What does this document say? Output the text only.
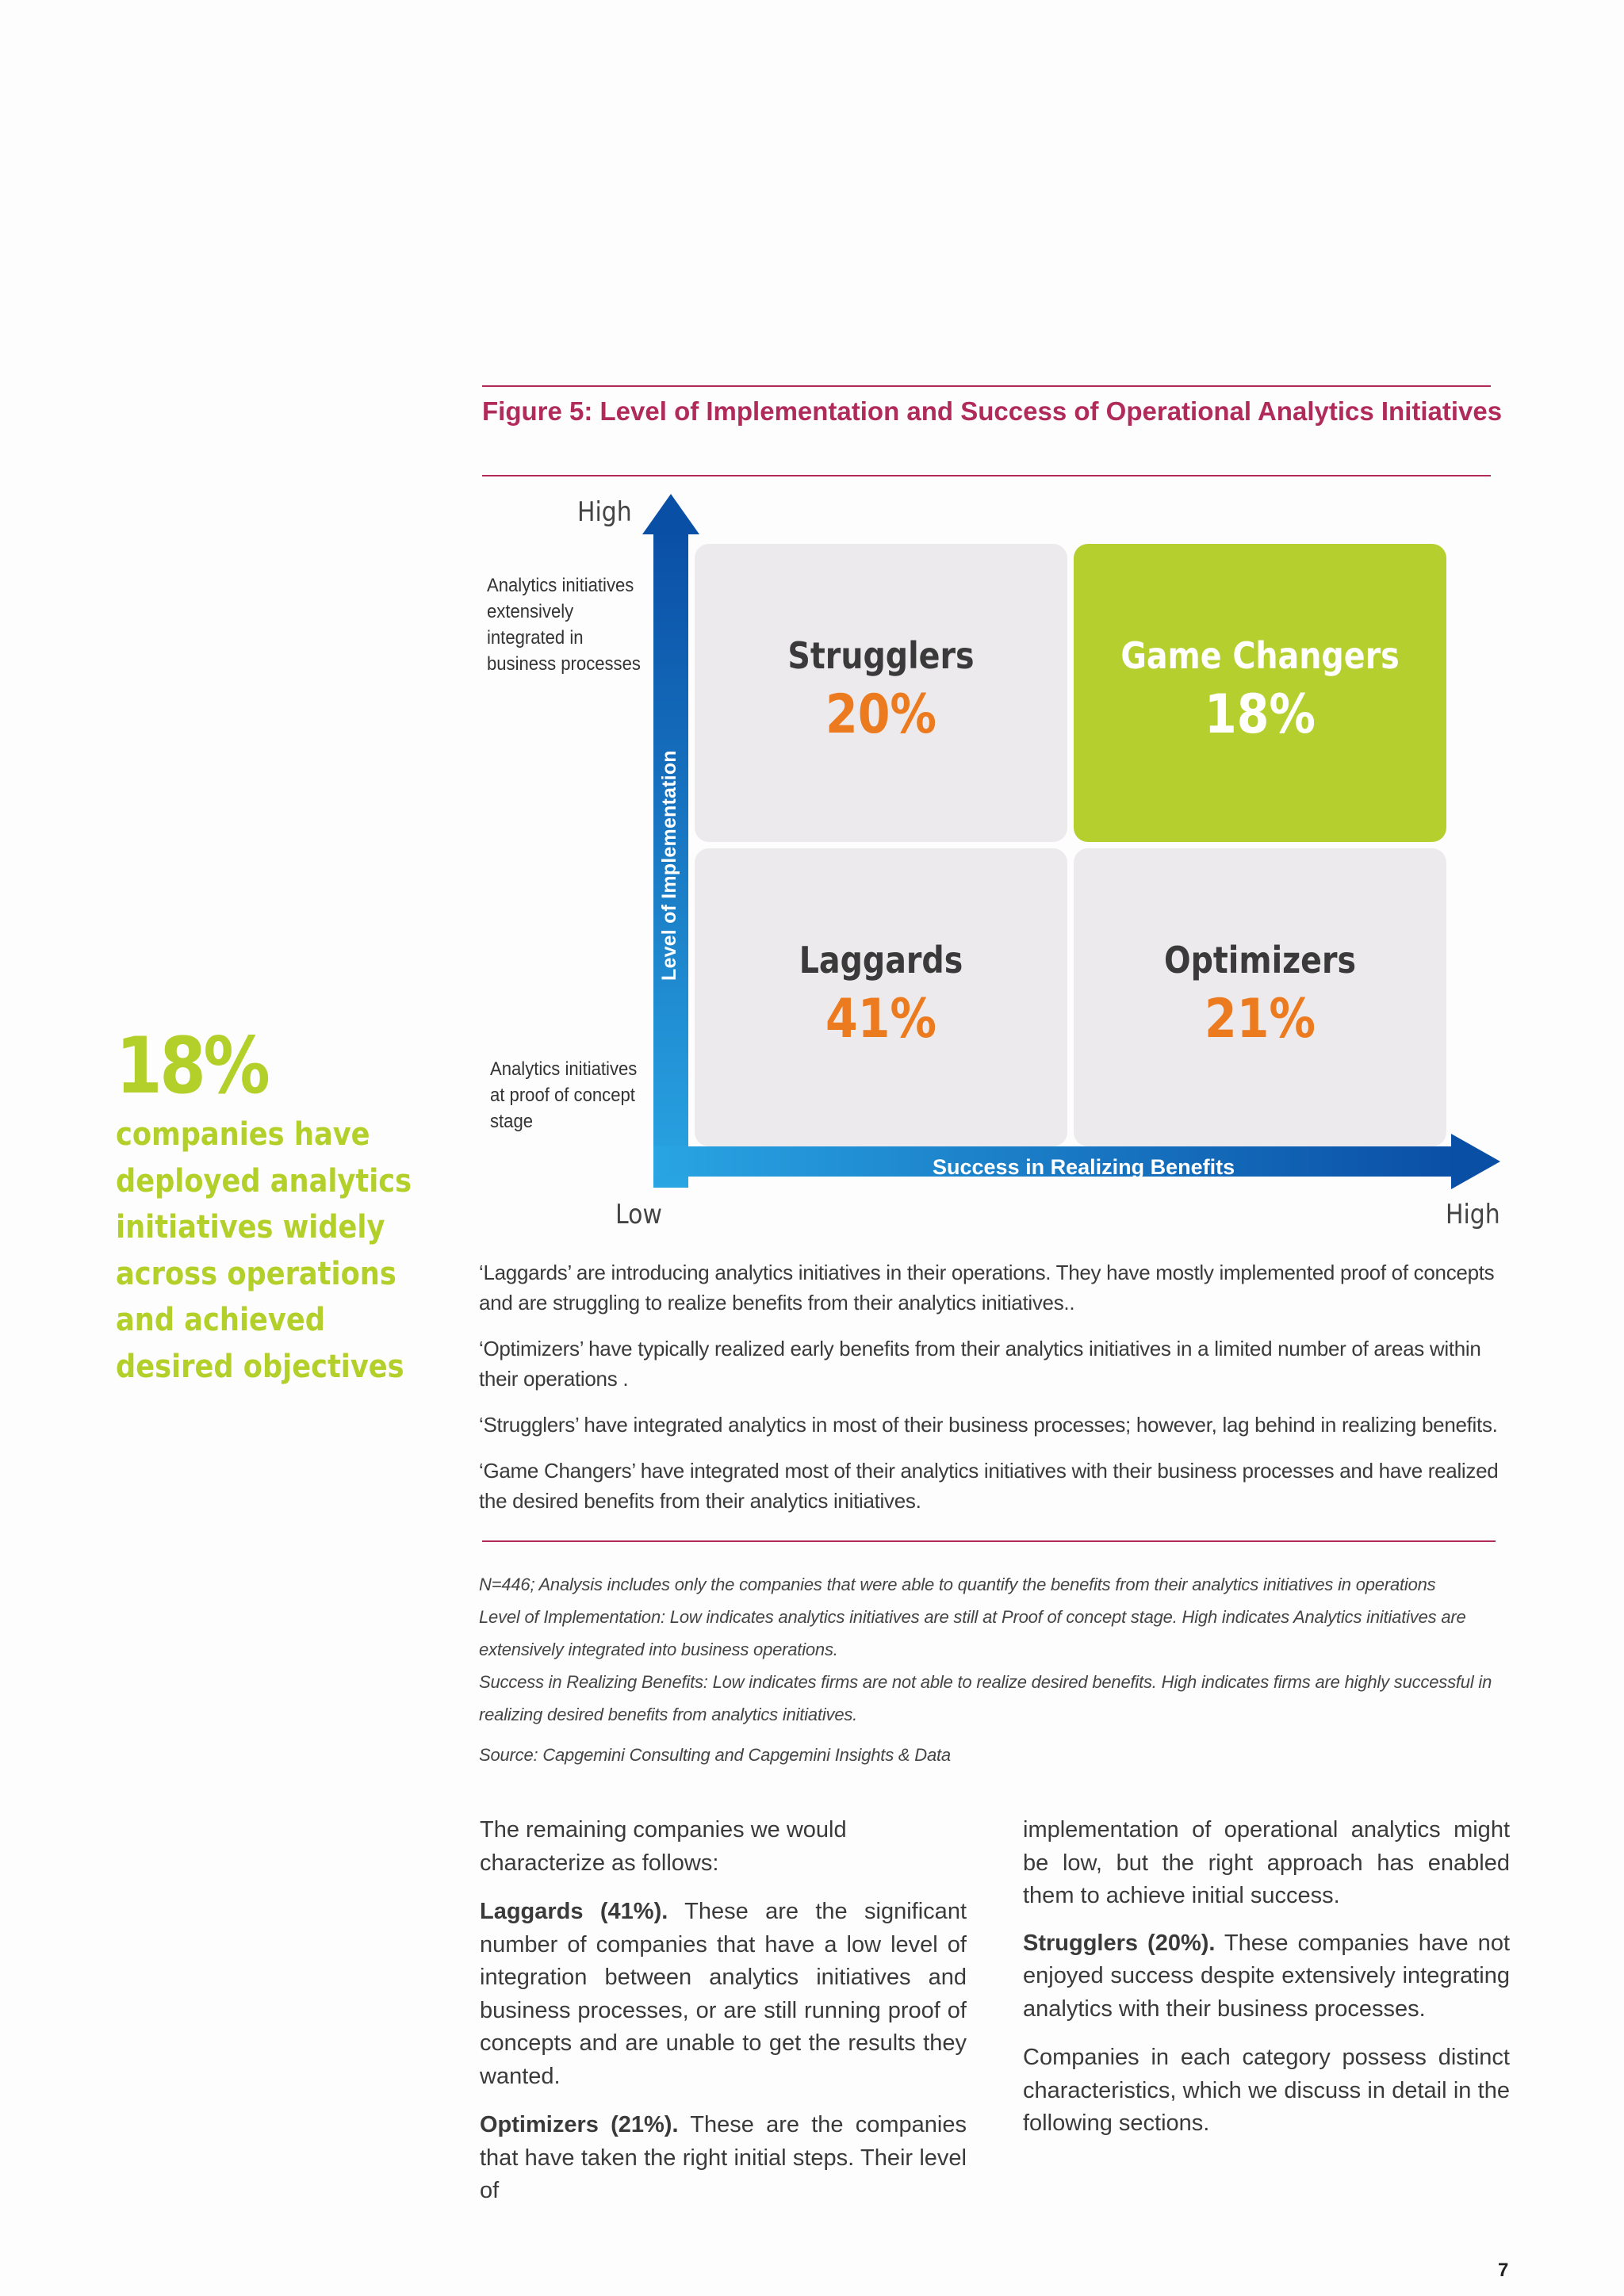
18%
companies have deployed analytics initiatives widely across operations and achieved desired objectives
Figure 5: Level of Implementation and Success of Operational Analytics Initiatives
High
Analytics initiatives extensively integrated in business processes
Analytics initiatives at proof of concept stage
Level of Implementation
Success in Realizing Benefits
Strugglers
20%
Game Changers
18%
Laggards
41%
Optimizers
21%
Low	High

‘Laggards’ are introducing analytics initiatives in their operations. They have mostly implemented proof of concepts and are struggling to realize benefits from their analytics initiatives..

‘Optimizers’ have typically realized early benefits from their analytics initiatives in a limited number of areas within their operations .

‘Strugglers’ have integrated analytics in most of their business processes; however, lag behind in realizing benefits.

‘Game Changers’ have integrated most of their analytics initiatives with their business processes and have realized the desired benefits from their analytics initiatives.

N=446; Analysis includes only the companies that were able to quantify the benefits from their analytics initiatives in operations

Level of Implementation: Low indicates analytics initiatives are still at Proof of concept stage. High indicates Analytics initiatives are extensively integrated into business operations.

Success in Realizing Benefits: Low indicates firms are not able to realize desired benefits. High indicates firms are highly successful in realizing desired benefits from analytics initiatives.

Source: Capgemini Consulting and Capgemini Insights & Data

The remaining companies we would characterize as follows:

Laggards (41%). These are the significant number of companies that have a low level of integration between analytics initiatives and business processes, or are still running proof of concepts and are unable to get the results they wanted.

Optimizers (21%). These are the companies that have taken the right initial steps. Their level of

implementation of operational analytics might be low, but the right approach has enabled them to achieve initial success.

Strugglers (20%). These companies have not enjoyed success despite extensively integrating analytics with their business processes.

Companies in each category possess distinct characteristics, which we discuss in detail in the following sections.

7
